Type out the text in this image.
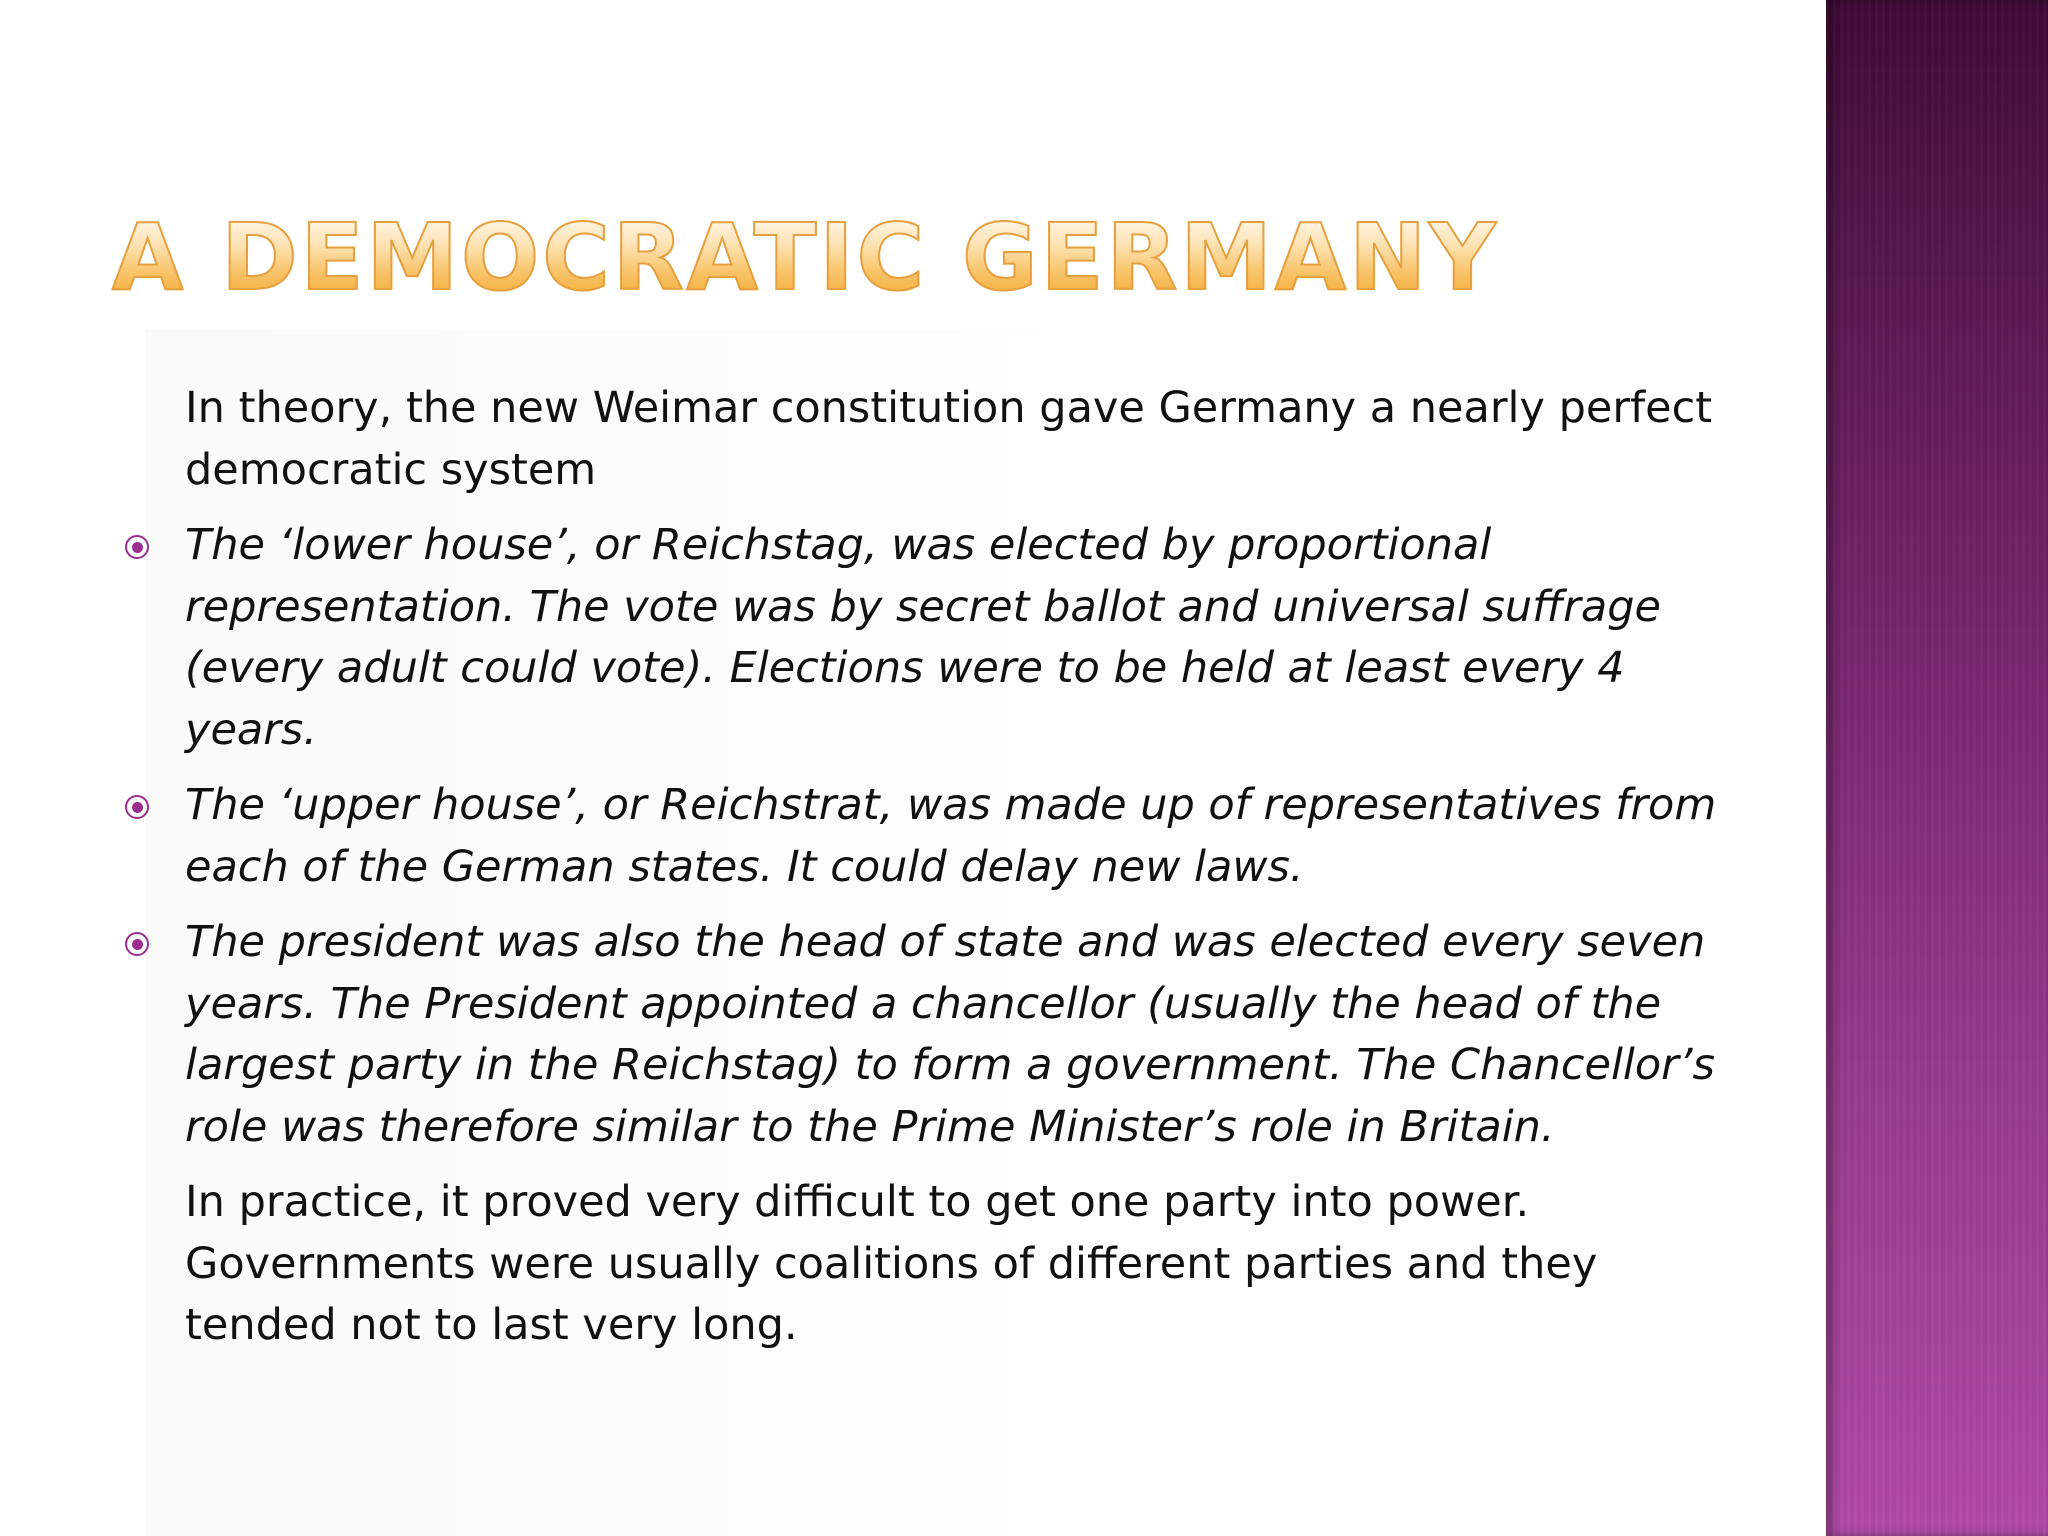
A DEMOCRATIC GERMANY
In theory, the new Weimar constitution gave Germany a nearly perfect democratic system
The ‘lower house’, or Reichstag, was elected by proportional representation. The vote was by secret ballot and universal suffrage (every adult could vote). Elections were to be held at least every 4 years.
The ‘upper house’, or Reichstrat, was made up of representatives from each of the German states. It could delay new laws.
The president was also the head of state and was elected every seven years. The President appointed a chancellor (usually the head of the largest party in the Reichstag) to form a government. The Chancellor’s role was therefore similar to the Prime Minister’s role in Britain.
In practice, it proved very difficult to get one party into power. Governments were usually coalitions of different parties and they tended not to last very long.
